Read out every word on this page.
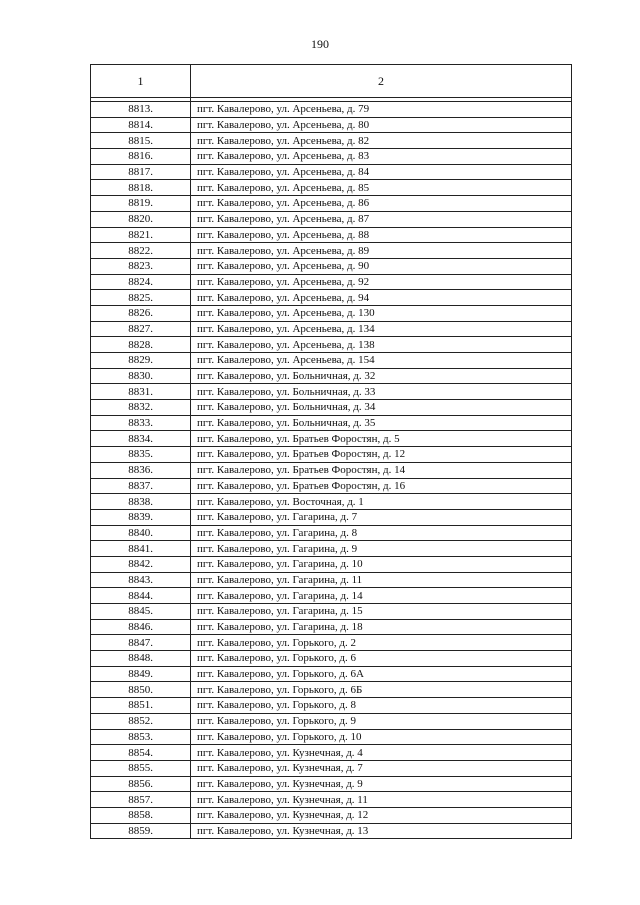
190
1	2

8813.	пгт. Кавалерово, ул. Арсеньева, д. 79
8814.	пгт. Кавалерово, ул. Арсеньева, д. 80
8815.	пгт. Кавалерово, ул. Арсеньева, д. 82
8816.	пгт. Кавалерово, ул. Арсеньева, д. 83
8817.	пгт. Кавалерово, ул. Арсеньева, д. 84
8818.	пгт. Кавалерово, ул. Арсеньева, д. 85
8819.	пгт. Кавалерово, ул. Арсеньева, д. 86
8820.	пгт. Кавалерово, ул. Арсеньева, д. 87
8821.	пгт. Кавалерово, ул. Арсеньева, д. 88
8822.	пгт. Кавалерово, ул. Арсеньева, д. 89
8823.	пгт. Кавалерово, ул. Арсеньева, д. 90
8824.	пгт. Кавалерово, ул. Арсеньева, д. 92
8825.	пгт. Кавалерово, ул. Арсеньева, д. 94
8826.	пгт. Кавалерово, ул. Арсеньева, д. 130
8827.	пгт. Кавалерово, ул. Арсеньева, д. 134
8828.	пгт. Кавалерово, ул. Арсеньева, д. 138
8829.	пгт. Кавалерово, ул. Арсеньева, д. 154
8830.	пгт. Кавалерово, ул. Больничная, д. 32
8831.	пгт. Кавалерово, ул. Больничная, д. 33
8832.	пгт. Кавалерово, ул. Больничная, д. 34
8833.	пгт. Кавалерово, ул. Больничная, д. 35
8834.	пгт. Кавалерово, ул. Братьев Форостян, д. 5
8835.	пгт. Кавалерово, ул. Братьев Форостян, д. 12
8836.	пгт. Кавалерово, ул. Братьев Форостян, д. 14
8837.	пгт. Кавалерово, ул. Братьев Форостян, д. 16
8838.	пгт. Кавалерово, ул. Восточная, д. 1
8839.	пгт. Кавалерово, ул. Гагарина, д. 7
8840.	пгт. Кавалерово, ул. Гагарина, д. 8
8841.	пгт. Кавалерово, ул. Гагарина, д. 9
8842.	пгт. Кавалерово, ул. Гагарина, д. 10
8843.	пгт. Кавалерово, ул. Гагарина, д. 11
8844.	пгт. Кавалерово, ул. Гагарина, д. 14
8845.	пгт. Кавалерово, ул. Гагарина, д. 15
8846.	пгт. Кавалерово, ул. Гагарина, д. 18
8847.	пгт. Кавалерово, ул. Горького, д. 2
8848.	пгт. Кавалерово, ул. Горького, д. 6
8849.	пгт. Кавалерово, ул. Горького, д. 6А
8850.	пгт. Кавалерово, ул. Горького, д. 6Б
8851.	пгт. Кавалерово, ул. Горького, д. 8
8852.	пгт. Кавалерово, ул. Горького, д. 9
8853.	пгт. Кавалерово, ул. Горького, д. 10
8854.	пгт. Кавалерово, ул. Кузнечная, д. 4
8855.	пгт. Кавалерово, ул. Кузнечная, д. 7
8856.	пгт. Кавалерово, ул. Кузнечная, д. 9
8857.	пгт. Кавалерово, ул. Кузнечная, д. 11
8858.	пгт. Кавалерово, ул. Кузнечная, д. 12
8859.	пгт. Кавалерово, ул. Кузнечная, д. 13
